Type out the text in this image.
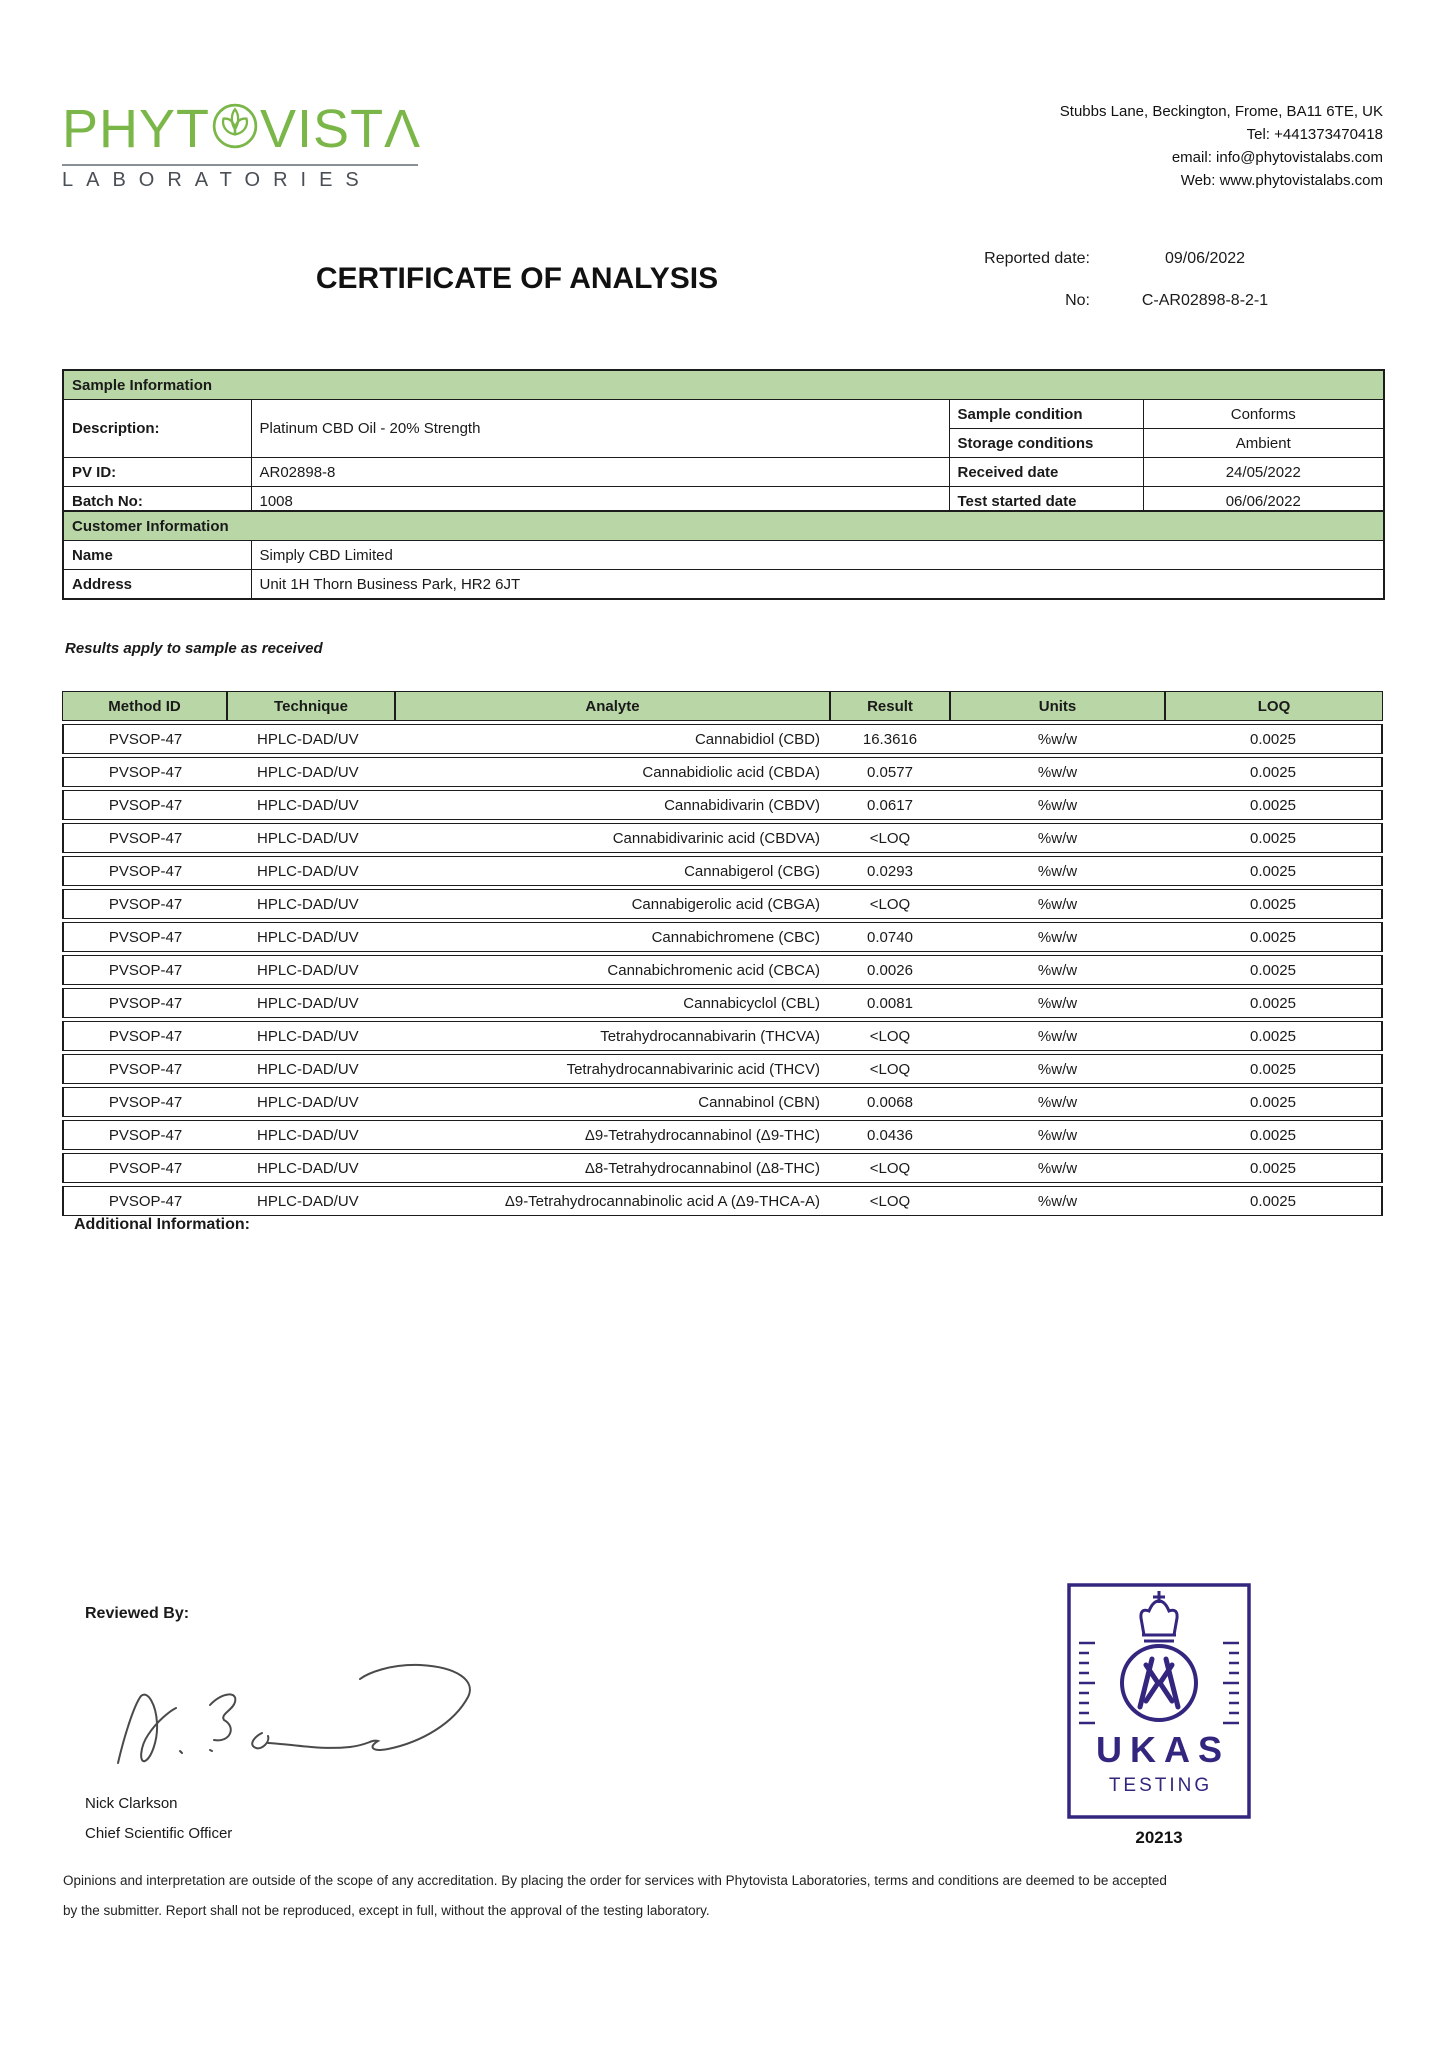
PHYT VISTΛ
LABORATORIES
Stubbs Lane, Beckington, Frome, BA11 6TE, UK
Tel: +441373470418
email: info@phytovistalabs.com
Web: www.phytovistalabs.com
Reported date:	09/06/2022
No:	C-AR02898-8-2-1
CERTIFICATE OF ANALYSIS
Sample Information			
Description:	Platinum CBD Oil - 20% Strength	Sample condition	Conforms
		Storage conditions	Ambient
PV ID:	AR02898-8	Received date	24/05/2022
Batch No:	1008	Test started date	06/06/2022
Customer Information	
Name	Simply CBD Limited
Address	Unit 1H Thorn Business Park, HR2 6JT
Results apply to sample as received
Method ID	Technique	Analyte	Result	Units	LOQ
PVSOP-47	HPLC-DAD/UV	Cannabidiol (CBD)	16.3616	%w/w	0.0025
PVSOP-47	HPLC-DAD/UV	Cannabidiolic acid (CBDA)	0.0577	%w/w	0.0025
PVSOP-47	HPLC-DAD/UV	Cannabidivarin (CBDV)	0.0617	%w/w	0.0025
PVSOP-47	HPLC-DAD/UV	Cannabidivarinic acid (CBDVA)	<LOQ	%w/w	0.0025
PVSOP-47	HPLC-DAD/UV	Cannabigerol (CBG)	0.0293	%w/w	0.0025
PVSOP-47	HPLC-DAD/UV	Cannabigerolic acid (CBGA)	<LOQ	%w/w	0.0025
PVSOP-47	HPLC-DAD/UV	Cannabichromene (CBC)	0.0740	%w/w	0.0025
PVSOP-47	HPLC-DAD/UV	Cannabichromenic acid (CBCA)	0.0026	%w/w	0.0025
PVSOP-47	HPLC-DAD/UV	Cannabicyclol (CBL)	0.0081	%w/w	0.0025
PVSOP-47	HPLC-DAD/UV	Tetrahydrocannabivarin (THCVA)	<LOQ	%w/w	0.0025
PVSOP-47	HPLC-DAD/UV	Tetrahydrocannabivarinic acid (THCV)	<LOQ	%w/w	0.0025
PVSOP-47	HPLC-DAD/UV	Cannabinol (CBN)	0.0068	%w/w	0.0025
PVSOP-47	HPLC-DAD/UV	Δ9-Tetrahydrocannabinol (Δ9-THC)	0.0436	%w/w	0.0025
PVSOP-47	HPLC-DAD/UV	Δ8-Tetrahydrocannabinol (Δ8-THC)	<LOQ	%w/w	0.0025
PVSOP-47	HPLC-DAD/UV	Δ9-Tetrahydrocannabinolic acid A (Δ9-THCA-A)	<LOQ	%w/w	0.0025
Additional Information:
Reviewed By:
Nick Clarkson
Chief Scientific Officer
UKAS
TESTING
20213
Opinions and interpretation are outside of the scope of any accreditation. By placing the order for services with Phytovista Laboratories, terms and conditions are deemed to be accepted
by the submitter. Report shall not be reproduced, except in full, without the approval of the testing laboratory.
